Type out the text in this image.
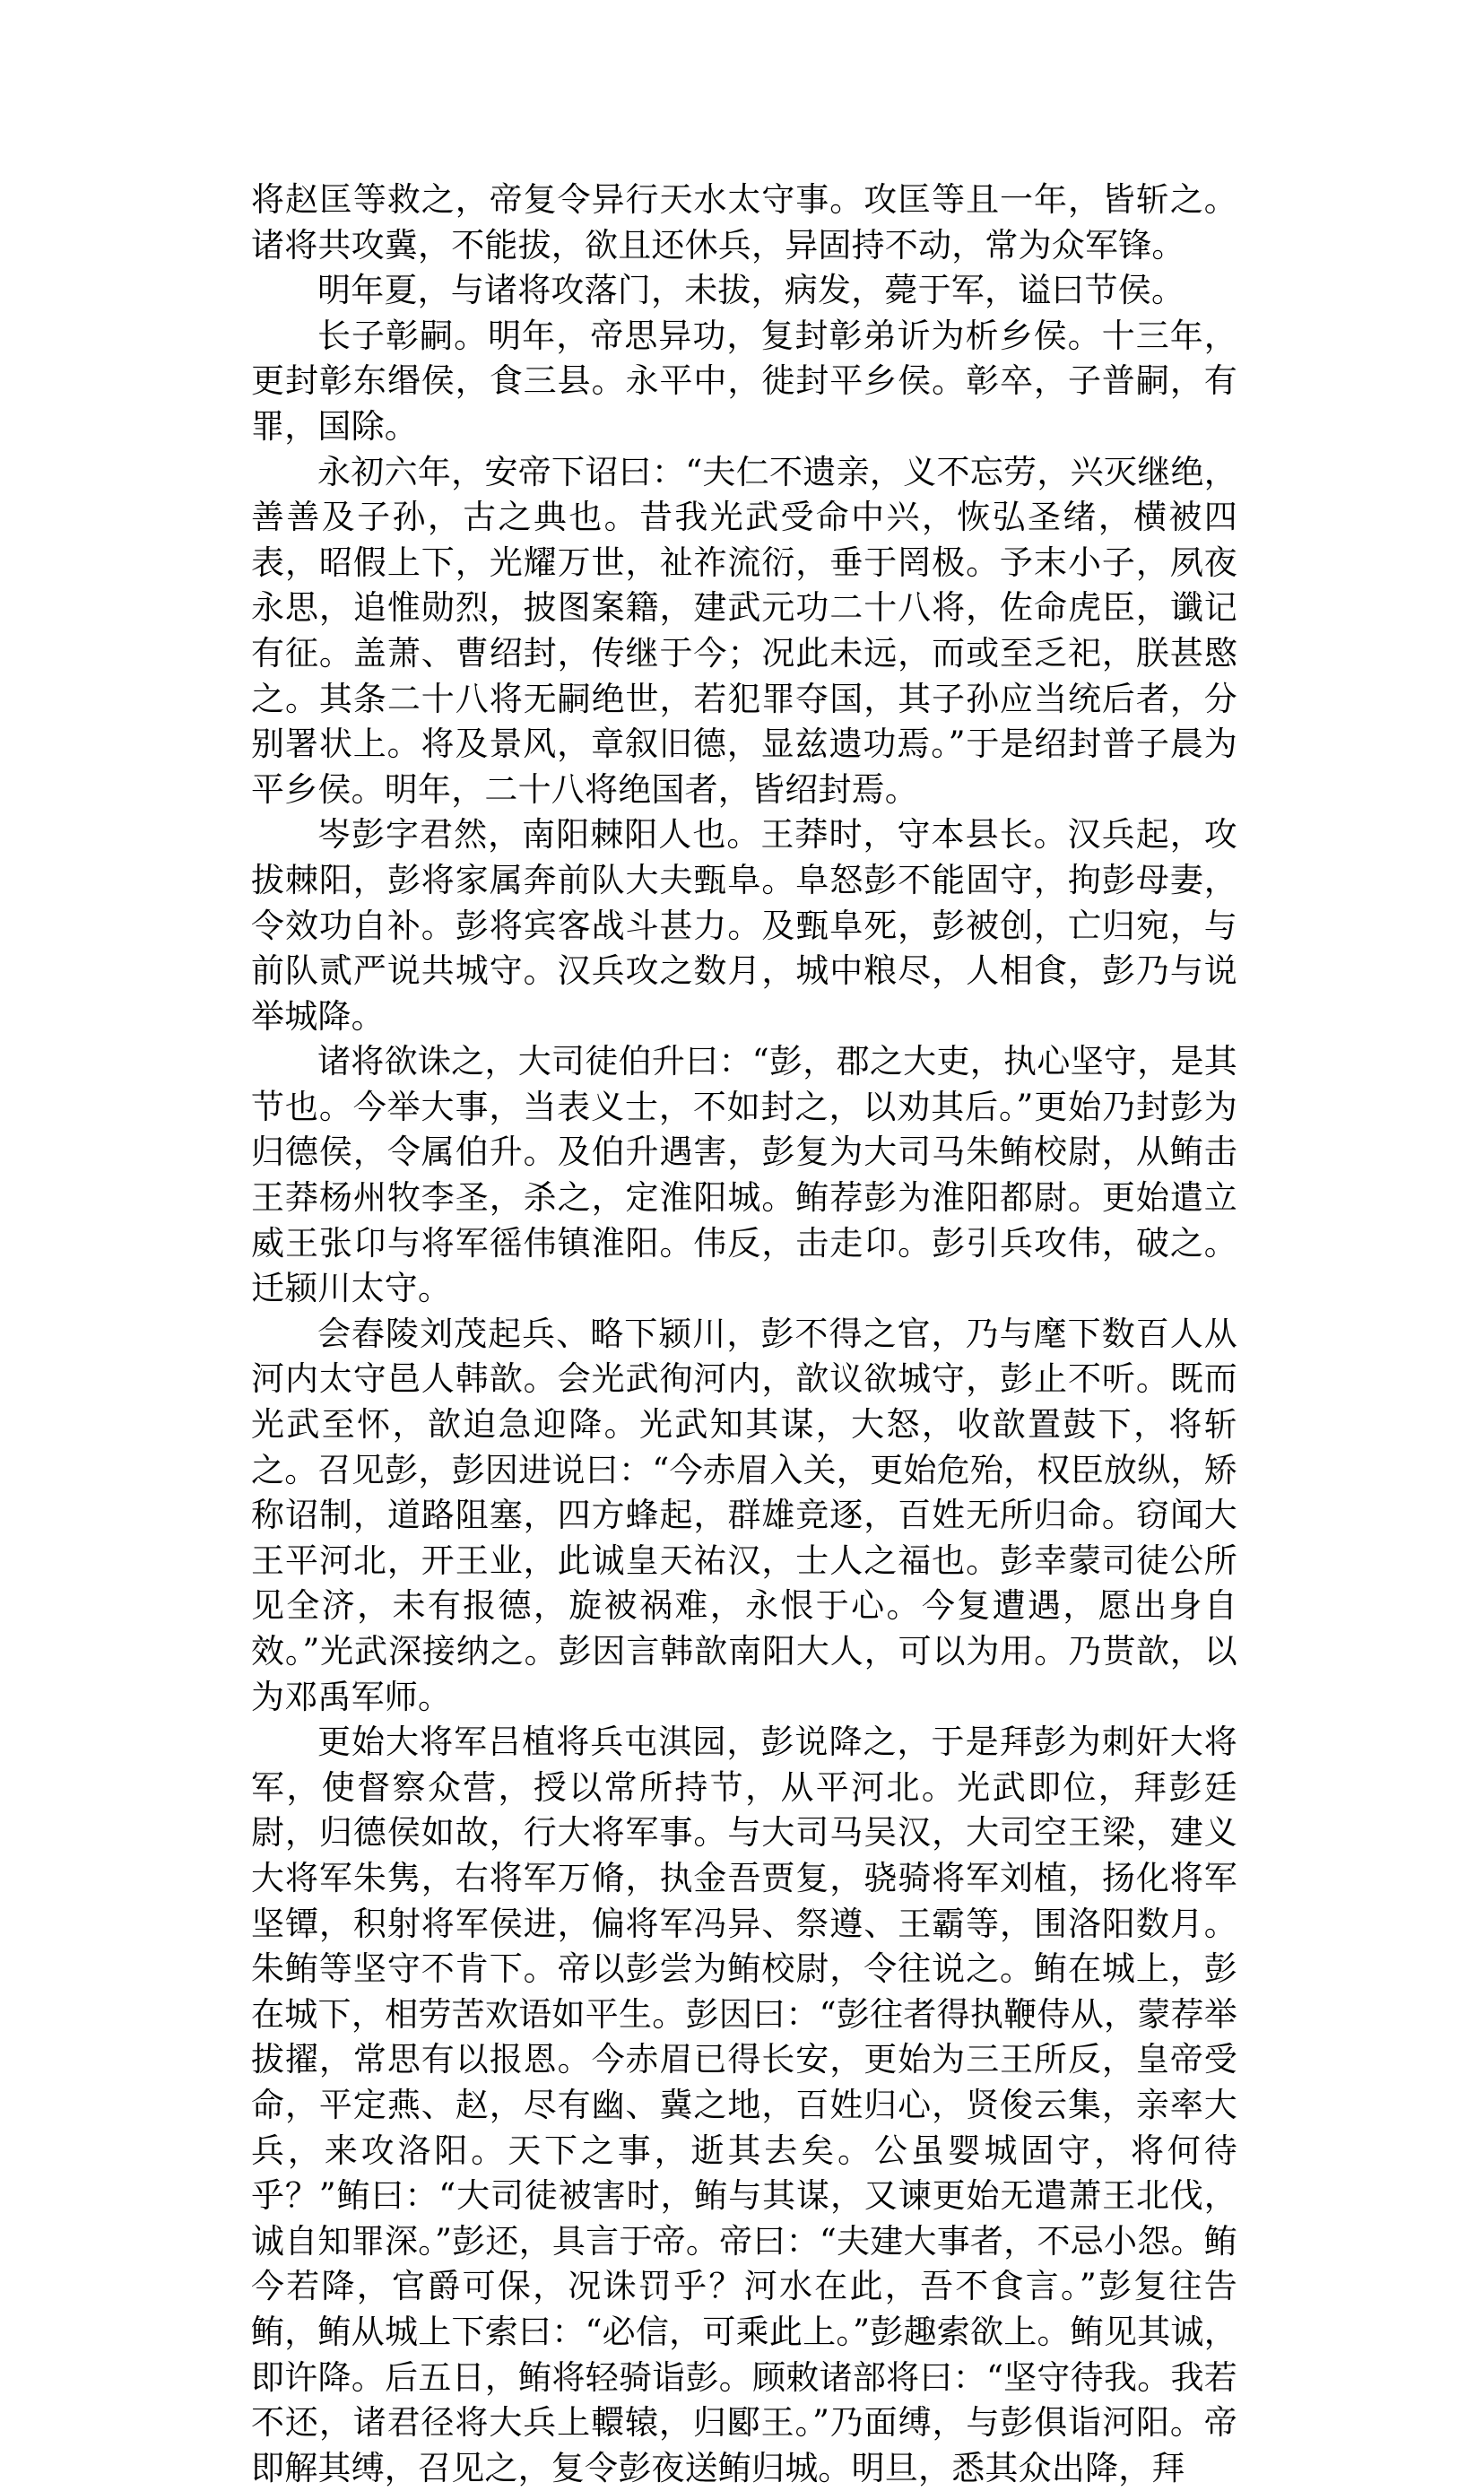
将赵匡等救之，帝复令异行天水太守事。攻匡等且一年，皆斩之。诸将共攻冀，不能拔，欲且还休兵，异固持不动，常为众军锋。

明年夏，与诸将攻落门，未拔，病发，薨于军，谥曰节侯。

长子彰嗣。明年，帝思异功，复封彰弟䜣为析乡侯。十三年，更封彰东缗侯，食三县。永平中，徙封平乡侯。彰卒，子普嗣，有罪，国除。

永初六年，安帝下诏曰：“夫仁不遗亲，义不忘劳，兴灭继绝，善善及子孙，古之典也。昔我光武受命中兴，恢弘圣绪，横被四表，昭假上下，光耀万世，祉祚流衍，垂于罔极。予末小子，夙夜永思，追惟勋烈，披图案籍，建武元功二十八将，佐命虎臣，谶记有征。盖萧、曹绍封，传继于今；况此未远，而或至乏祀，朕甚愍之。其条二十八将无嗣绝世，若犯罪夺国，其子孙应当统后者，分别署状上。将及景风，章叙旧德，显兹遗功焉。”于是绍封普子晨为平乡侯。明年，二十八将绝国者，皆绍封焉。

岑彭字君然，南阳棘阳人也。王莽时，守本县长。汉兵起，攻拔棘阳，彭将家属奔前队大夫甄阜。阜怒彭不能固守，拘彭母妻，令效功自补。彭将宾客战斗甚力。及甄阜死，彭被创，亡归宛，与前队贰严说共城守。汉兵攻之数月，城中粮尽，人相食，彭乃与说举城降。

诸将欲诛之，大司徒伯升曰：“彭，郡之大吏，执心坚守，是其节也。今举大事，当表义士，不如封之，以劝其后。”更始乃封彭为归德侯，令属伯升。及伯升遇害，彭复为大司马朱鲔校尉，从鲔击王莽杨州牧李圣，杀之，定淮阳城。鲔荐彭为淮阳都尉。更始遣立威王张卬与将军徭伟镇淮阳。伟反，击走卬。彭引兵攻伟，破之。迁颍川太守。

会舂陵刘茂起兵、略下颍川，彭不得之官，乃与麾下数百人从河内太守邑人韩歆。会光武徇河内，歆议欲城守，彭止不听。既而光武至怀，歆迫急迎降。光武知其谋，大怒，收歆置鼓下，将斩之。召见彭，彭因进说曰：“今赤眉入关，更始危殆，权臣放纵，矫称诏制，道路阻塞，四方蜂起，群雄竞逐，百姓无所归命。窃闻大王平河北，开王业，此诚皇天祐汉，士人之福也。彭幸蒙司徒公所见全济，未有报德，旋被祸难，永恨于心。今复遭遇，愿出身自效。”光武深接纳之。彭因言韩歆南阳大人，可以为用。乃贳歆，以为邓禹军师。

更始大将军吕植将兵屯淇园，彭说降之，于是拜彭为刺奸大将军，使督察众营，授以常所持节，从平河北。光武即位，拜彭廷尉，归德侯如故，行大将军事。与大司马吴汉，大司空王梁，建义大将军朱隽，右将军万脩，执金吾贾复，骁骑将军刘植，扬化将军坚镡，积射将军侯进，偏将军冯异、祭遵、王霸等，围洛阳数月。朱鲔等坚守不肯下。帝以彭尝为鲔校尉，令往说之。鲔在城上，彭在城下，相劳苦欢语如平生。彭因曰：“彭往者得执鞭侍从，蒙荐举拔擢，常思有以报恩。今赤眉已得长安，更始为三王所反，皇帝受命，平定燕、赵，尽有幽、冀之地，百姓归心，贤俊云集，亲率大兵，来攻洛阳。天下之事，逝其去矣。公虽婴城固守，将何待乎？”鲔曰：“大司徒被害时，鲔与其谋，又谏更始无遣萧王北伐，诚自知罪深。”彭还，具言于帝。帝曰：“夫建大事者，不忌小怨。鲔今若降，官爵可保，况诛罚乎？河水在此，吾不食言。”彭复往告鲔，鲔从城上下索曰：“必信，可乘此上。”彭趣索欲上。鲔见其诚，即许降。后五日，鲔将轻骑诣彭。顾敕诸部将曰：“坚守待我。我若不还，诸君径将大兵上轘辕，归郾王。”乃面缚，与彭俱诣河阳。帝即解其缚，召见之，复令彭夜送鲔归城。明旦，悉其众出降，拜
